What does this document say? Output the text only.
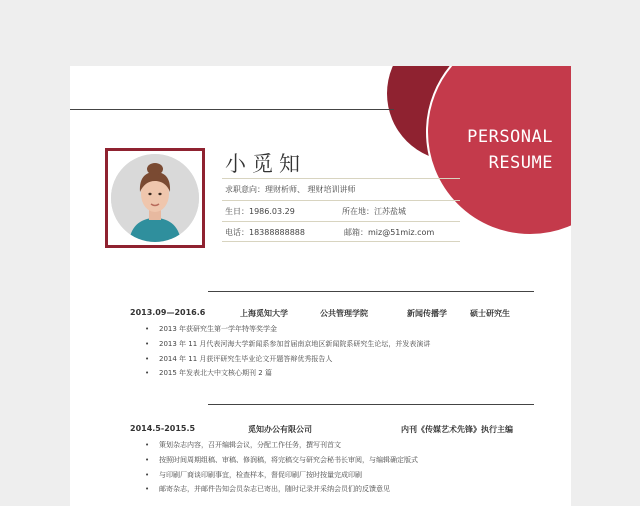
PERSONAL
RESUME
小觅知
求职意向：理财析师、 理财培训讲师
生日：1986.03.29	所在地：江苏盐城
电话：18388888888	邮箱：miz@51miz.com
2013.09—2016.6	上海觅知大学	公共管理学院	新闻传播学	硕士研究生
• 2013 年获研究生第一学年特等奖学金
• 2013 年 11 月代表河海大学新闻系参加首届南京地区新闻院系研究生论坛，并发表演讲
• 2014 年 11 月获评研究生毕业论文开题答辩优秀报告人
• 2015 年发表北大中文核心期刊 2 篇
2014.5-2015.5	觅知办公有限公司	内刊《传媒艺术先锋》执行主编
• 策划杂志内容，召开编辑会议，分配工作任务，撰写刊首文
• 按照时间周期组稿、审稿、修润稿，将完稿交与研究会秘书长审阅，与编辑确定版式
• 与印刷厂商谈印刷事宜，检查样本，督促印刷厂按时按量完成印刷
• 邮寄杂志，并邮件告知会员杂志已寄出，随时记录并采纳会员们的反馈意见
